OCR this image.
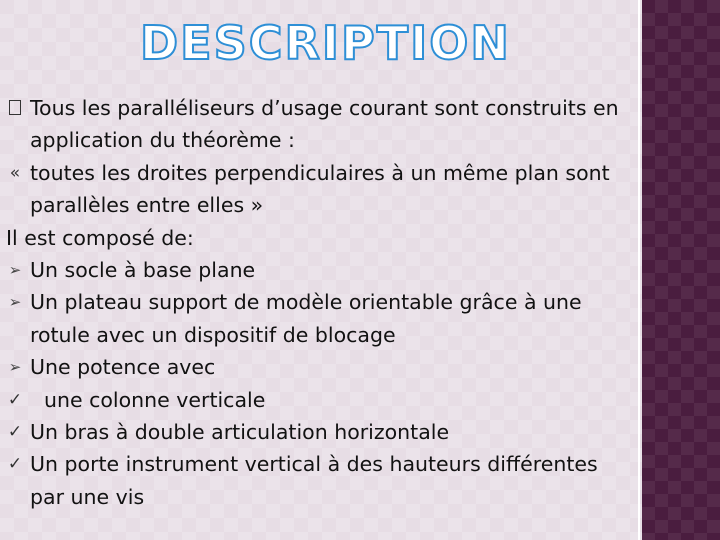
DESCRIPTION
Tous les paralléliseurs d’usage courant sont construits en application du théorème :
« toutes les droites perpendiculaires à un même plan sont parallèles entre elles »
Il est composé de:
➢ Un socle à base plane
➢ Un plateau support de modèle orientable grâce à une rotule avec un dispositif de blocage
➢ Une potence avec
✓ une colonne verticale
✓ Un bras à double articulation horizontale
✓ Un porte instrument vertical à des hauteurs différentes par une vis
